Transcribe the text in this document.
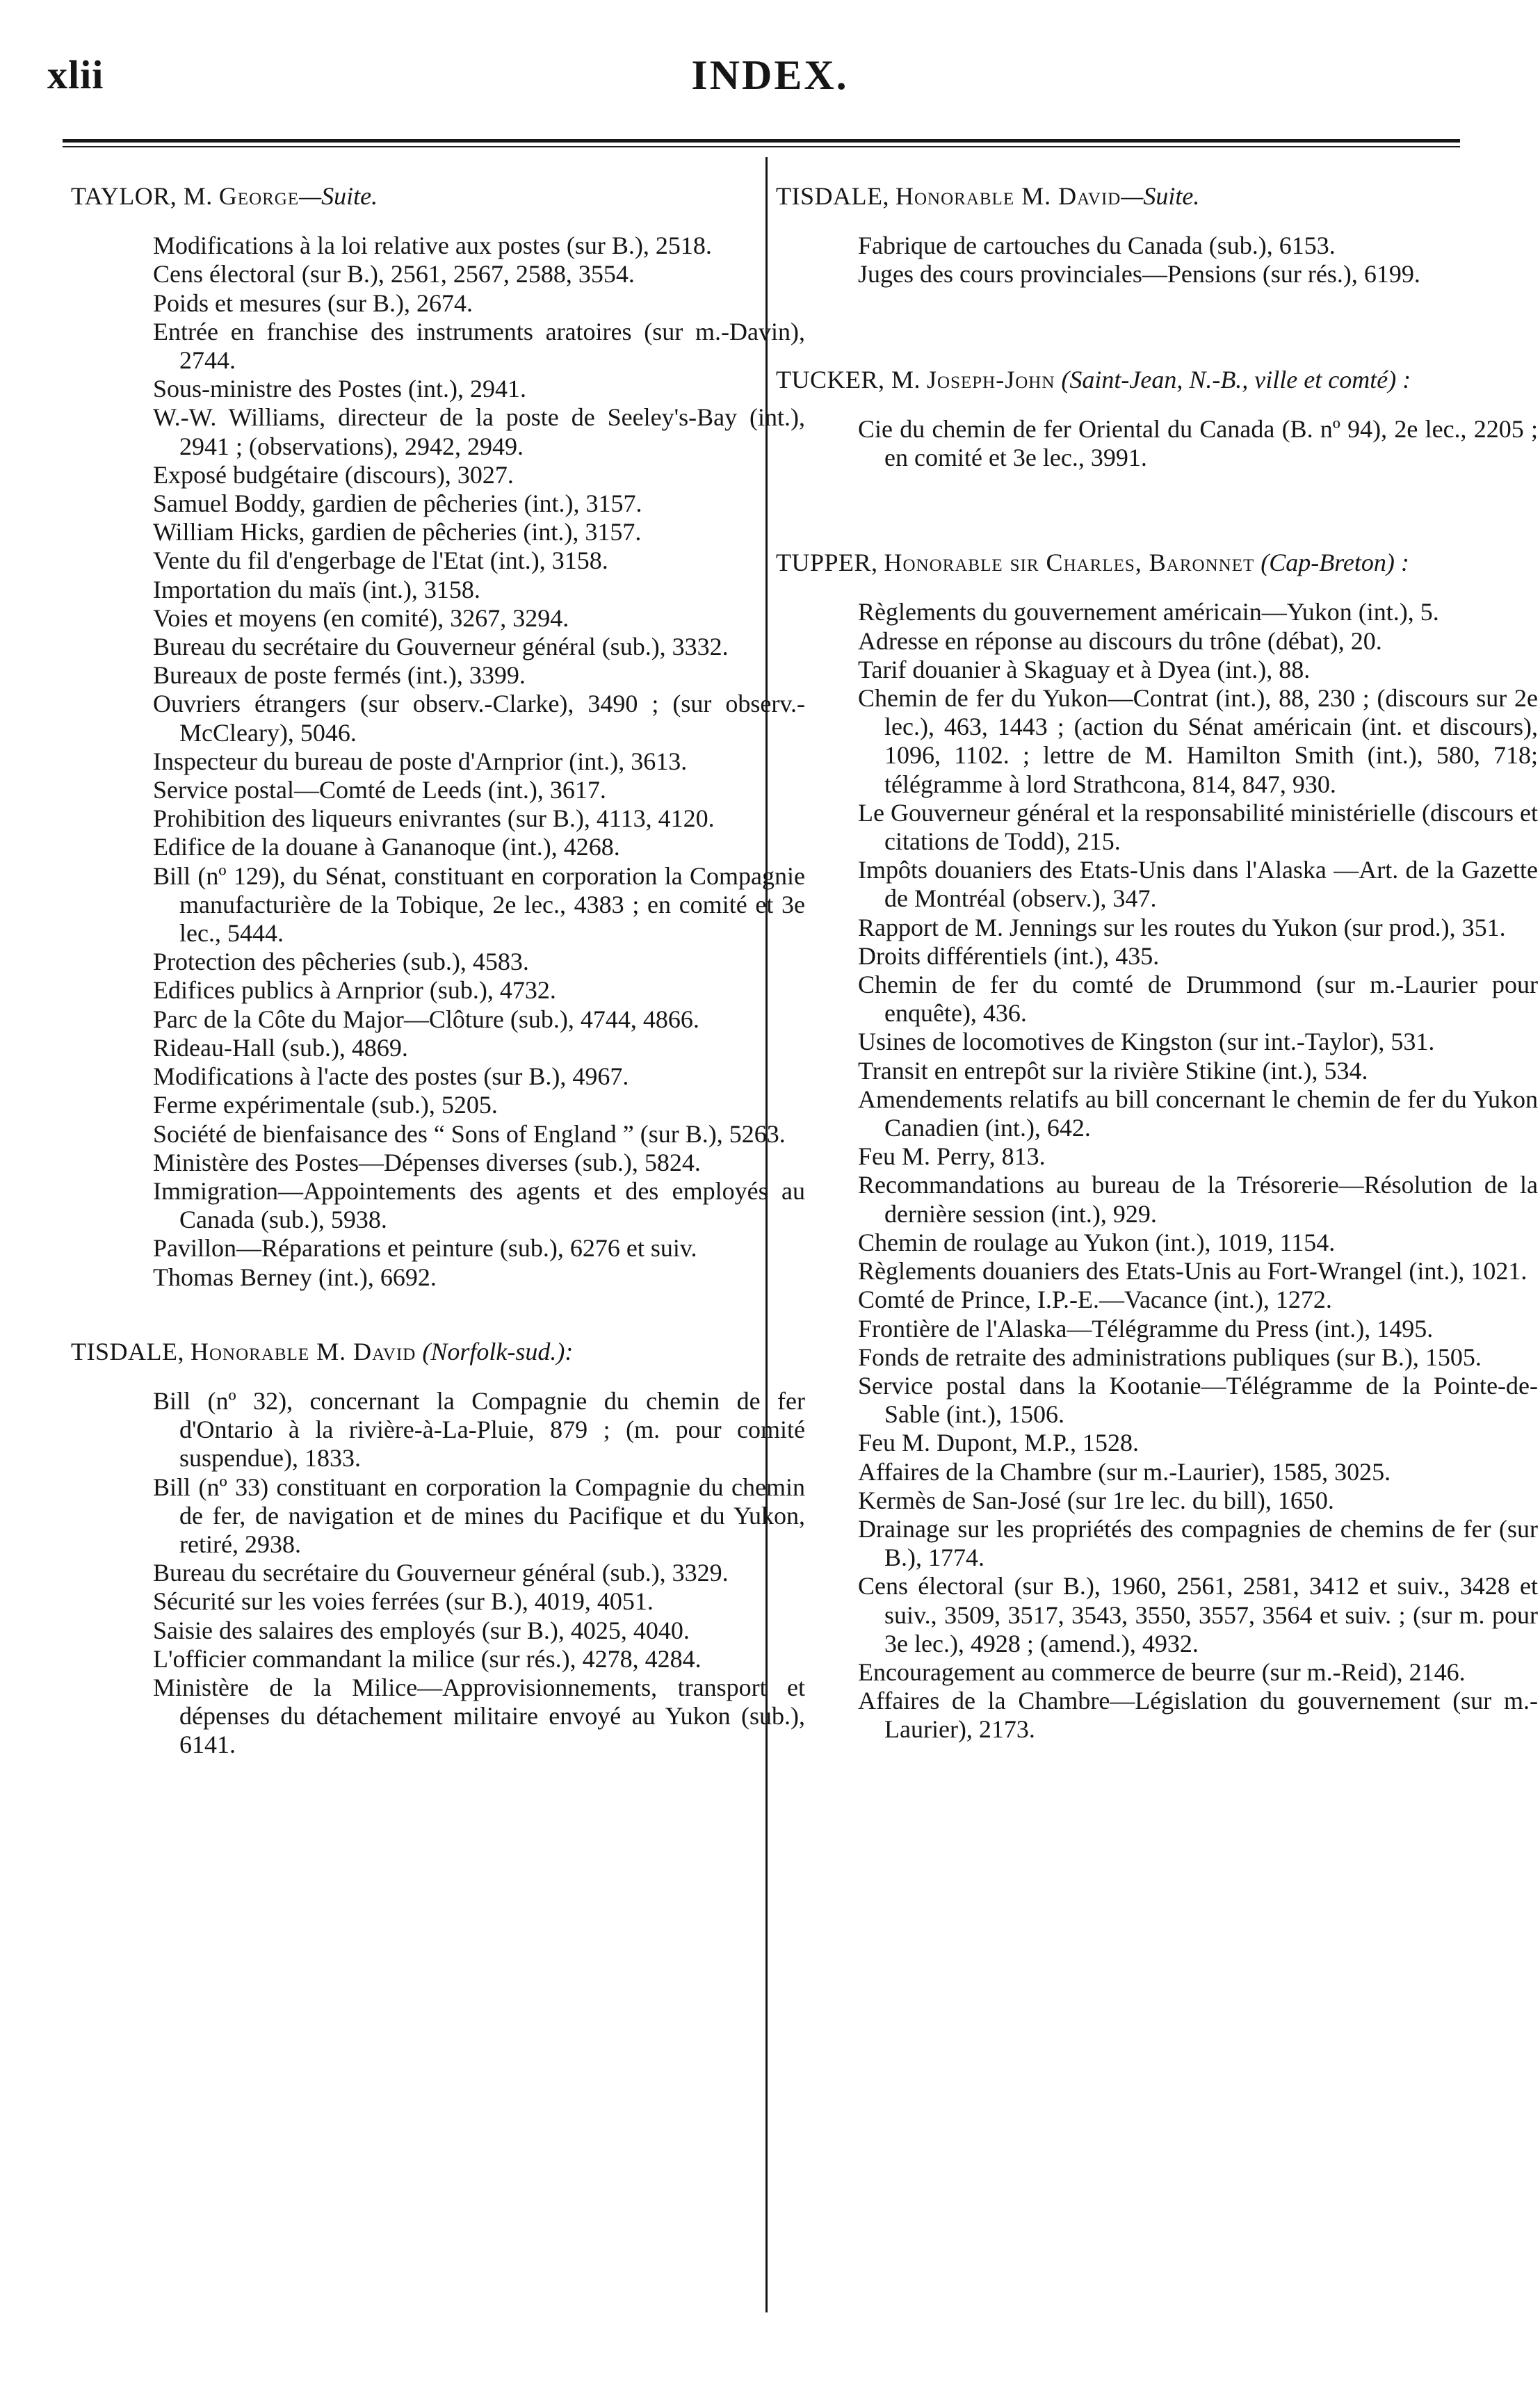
xlii	INDEX.
TAYLOR, M. George—Suite.
Modifications à la loi relative aux postes (sur B.), 2518.
Cens électoral (sur B.), 2561, 2567, 2588, 3554.
Poids et mesures (sur B.), 2674.
Entrée en franchise des instruments aratoires (sur m.-Davin), 2744.
Sous-ministre des Postes (int.), 2941.
W.-W. Williams, directeur de la poste de Seeley's-Bay (int.), 2941 ; (observations), 2942, 2949.
Exposé budgétaire (discours), 3027.
Samuel Boddy, gardien de pêcheries (int.), 3157.
William Hicks, gardien de pêcheries (int.), 3157.
Vente du fil d'engerbage de l'Etat (int.), 3158.
Importation du maïs (int.), 3158.
Voies et moyens (en comité), 3267, 3294.
Bureau du secrétaire du Gouverneur général (sub.), 3332.
Bureaux de poste fermés (int.), 3399.
Ouvriers étrangers (sur observ.-Clarke), 3490 ; (sur observ.-McCleary), 5046.
Inspecteur du bureau de poste d'Arnprior (int.), 3613.
Service postal—Comté de Leeds (int.), 3617.
Prohibition des liqueurs enivrantes (sur B.), 4113, 4120.
Edifice de la douane à Gananoque (int.), 4268.
Bill (nº 129), du Sénat, constituant en corporation la Compagnie manufacturière de la Tobique, 2e lec., 4383 ; en comité et 3e lec., 5444.
Protection des pêcheries (sub.), 4583.
Edifices publics à Arnprior (sub.), 4732.
Parc de la Côte du Major—Clôture (sub.), 4744, 4866.
Rideau-Hall (sub.), 4869.
Modifications à l'acte des postes (sur B.), 4967.
Ferme expérimentale (sub.), 5205.
Société de bienfaisance des “ Sons of England ” (sur B.), 5263.
Ministère des Postes—Dépenses diverses (sub.), 5824.
Immigration—Appointements des agents et des employés au Canada (sub.), 5938.
Pavillon—Réparations et peinture (sub.), 6276 et suiv.
Thomas Berney (int.), 6692.
TISDALE, Honorable M. David (Norfolk-sud.):
Bill (nº 32), concernant la Compagnie du chemin de fer d'Ontario à la rivière-à-La-Pluie, 879 ; (m. pour comité suspendue), 1833.
Bill (nº 33) constituant en corporation la Compagnie du chemin de fer, de navigation et de mines du Pacifique et du Yukon, retiré, 2938.
Bureau du secrétaire du Gouverneur général (sub.), 3329.
Sécurité sur les voies ferrées (sur B.), 4019, 4051.
Saisie des salaires des employés (sur B.), 4025, 4040.
L'officier commandant la milice (sur rés.), 4278, 4284.
Ministère de la Milice—Approvisionnements, transport et dépenses du détachement militaire envoyé au Yukon (sub.), 6141.
TISDALE, Honorable M. David—Suite.
Fabrique de cartouches du Canada (sub.), 6153.
Juges des cours provinciales—Pensions (sur rés.), 6199.
TUCKER, M. Joseph-John (Saint-Jean, N.-B., ville et comté) :
Cie du chemin de fer Oriental du Canada (B. nº 94), 2e lec., 2205 ; en comité et 3e lec., 3991.
TUPPER, Honorable sir Charles, Baronnet (Cap-Breton) :
Règlements du gouvernement américain—Yukon (int.), 5.
Adresse en réponse au discours du trône (débat), 20.
Tarif douanier à Skaguay et à Dyea (int.), 88.
Chemin de fer du Yukon—Contrat (int.), 88, 230 ; (discours sur 2e lec.), 463, 1443 ; (action du Sénat américain (int. et discours), 1096, 1102. ; lettre de M. Hamilton Smith (int.), 580, 718; télégramme à lord Strathcona, 814, 847, 930.
Le Gouverneur général et la responsabilité ministérielle (discours et citations de Todd), 215.
Impôts douaniers des Etats-Unis dans l'Alaska —Art. de la Gazette de Montréal (observ.), 347.
Rapport de M. Jennings sur les routes du Yukon (sur prod.), 351.
Droits différentiels (int.), 435.
Chemin de fer du comté de Drummond (sur m.-Laurier pour enquête), 436.
Usines de locomotives de Kingston (sur int.-Taylor), 531.
Transit en entrepôt sur la rivière Stikine (int.), 534.
Amendements relatifs au bill concernant le chemin de fer du Yukon Canadien (int.), 642.
Feu M. Perry, 813.
Recommandations au bureau de la Trésorerie—Résolution de la dernière session (int.), 929.
Chemin de roulage au Yukon (int.), 1019, 1154.
Règlements douaniers des Etats-Unis au Fort-Wrangel (int.), 1021.
Comté de Prince, I.P.-E.—Vacance (int.), 1272.
Frontière de l'Alaska—Télégramme du Press (int.), 1495.
Fonds de retraite des administrations publiques (sur B.), 1505.
Service postal dans la Kootanie—Télégramme de la Pointe-de-Sable (int.), 1506.
Feu M. Dupont, M.P., 1528.
Affaires de la Chambre (sur m.-Laurier), 1585, 3025.
Kermès de San-José (sur 1re lec. du bill), 1650.
Drainage sur les propriétés des compagnies de chemins de fer (sur B.), 1774.
Cens électoral (sur B.), 1960, 2561, 2581, 3412 et suiv., 3428 et suiv., 3509, 3517, 3543, 3550, 3557, 3564 et suiv. ; (sur m. pour 3e lec.), 4928 ; (amend.), 4932.
Encouragement au commerce de beurre (sur m.-Reid), 2146.
Affaires de la Chambre—Législation du gouvernement (sur m.-Laurier), 2173.
